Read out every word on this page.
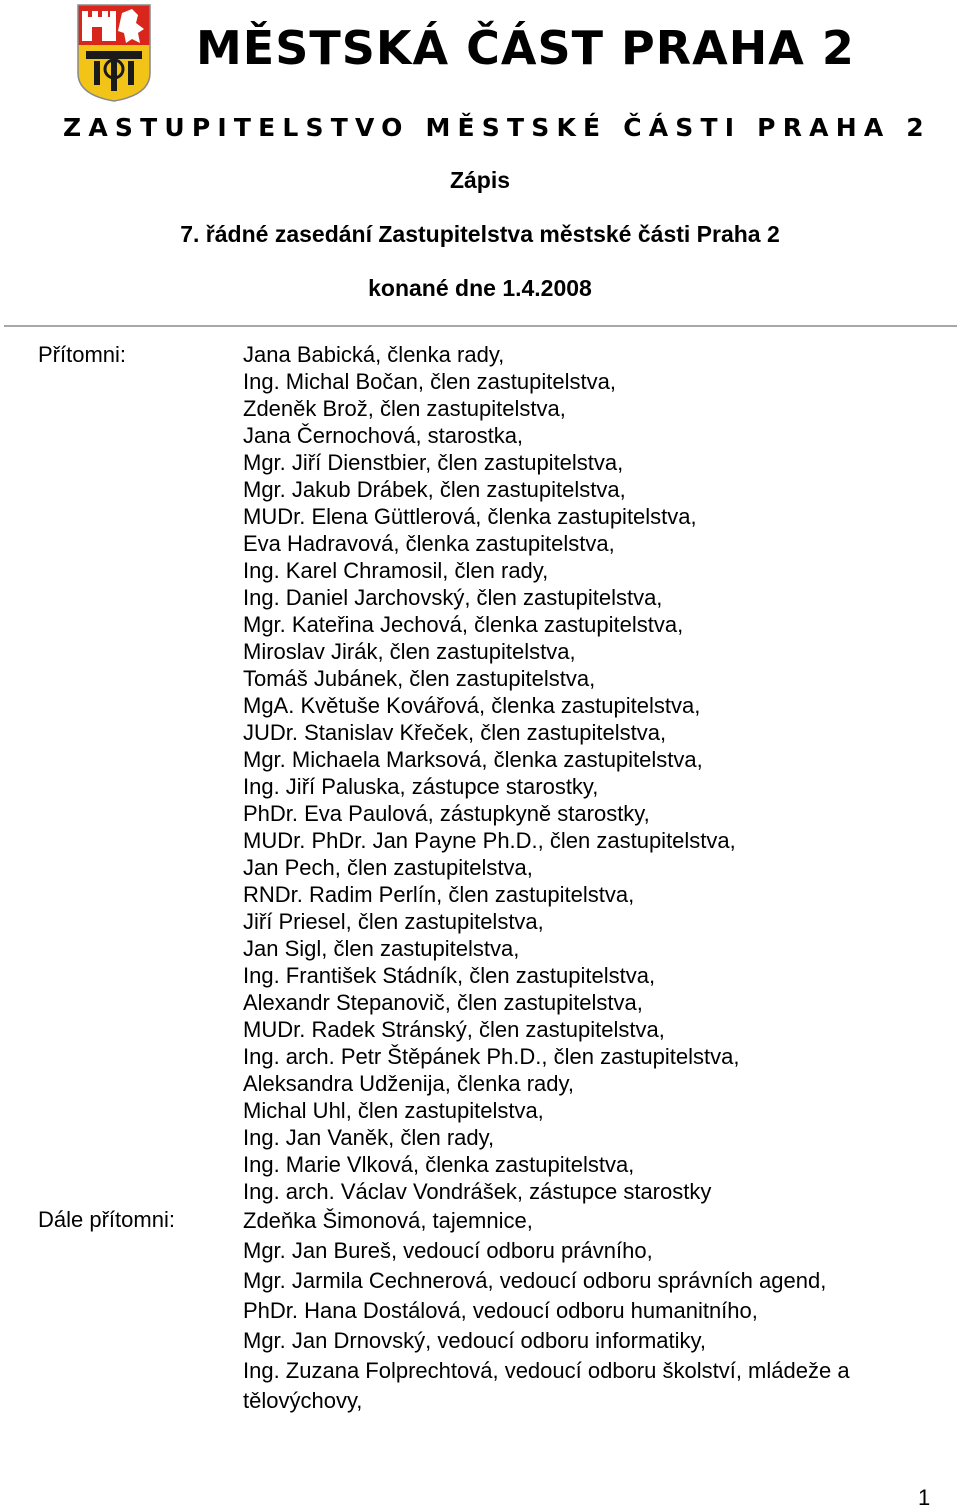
MĚSTSKÁ ČÁST PRAHA 2
ZASTUPITELSTVO MĚSTSKÉ ČÁSTI PRAHA 2

Zápis

7. řádné zasedání Zastupitelstva městské části Praha 2

konané dne 1.4.2008

Přítomni:	Jana Babická, členka rady,
Ing. Michal Bočan, člen zastupitelstva,
Zdeněk Brož, člen zastupitelstva,
Jana Černochová, starostka,
Mgr. Jiří Dienstbier, člen zastupitelstva,
Mgr. Jakub Drábek, člen zastupitelstva,
MUDr. Elena Güttlerová, členka zastupitelstva,
Eva Hadravová, členka zastupitelstva,
Ing. Karel Chramosil, člen rady,
Ing. Daniel Jarchovský, člen zastupitelstva,
Mgr. Kateřina Jechová, členka zastupitelstva,
Miroslav Jirák, člen zastupitelstva,
Tomáš Jubánek, člen zastupitelstva,
MgA. Květuše Kovářová, členka zastupitelstva,
JUDr. Stanislav Křeček, člen zastupitelstva,
Mgr. Michaela Marksová, členka zastupitelstva,
Ing. Jiří Paluska, zástupce starostky,
PhDr. Eva Paulová, zástupkyně starostky,
MUDr. PhDr. Jan Payne Ph.D., člen zastupitelstva,
Jan Pech, člen zastupitelstva,
RNDr. Radim Perlín, člen zastupitelstva,
Jiří Priesel, člen zastupitelstva,
Jan Sigl, člen zastupitelstva,
Ing. František Stádník, člen zastupitelstva,
Alexandr Stepanovič, člen zastupitelstva,
MUDr. Radek Stránský, člen zastupitelstva,
Ing. arch. Petr Štěpánek Ph.D., člen zastupitelstva,
Aleksandra Udženija, členka rady,
Michal Uhl, člen zastupitelstva,
Ing. Jan Vaněk, člen rady,
Ing. Marie Vlková, členka zastupitelstva,
Ing. arch. Václav Vondrášek, zástupce starostky
Dále přítomni:	Zdeňka Šimonová, tajemnice,
Mgr. Jan Bureš, vedoucí odboru právního,
Mgr. Jarmila Cechnerová, vedoucí odboru správních agend,
PhDr. Hana Dostálová, vedoucí odboru humanitního,
Mgr. Jan Drnovský, vedoucí odboru informatiky,
Ing. Zuzana Folprechtová, vedoucí odboru školství, mládeže a
tělovýchovy,
1
